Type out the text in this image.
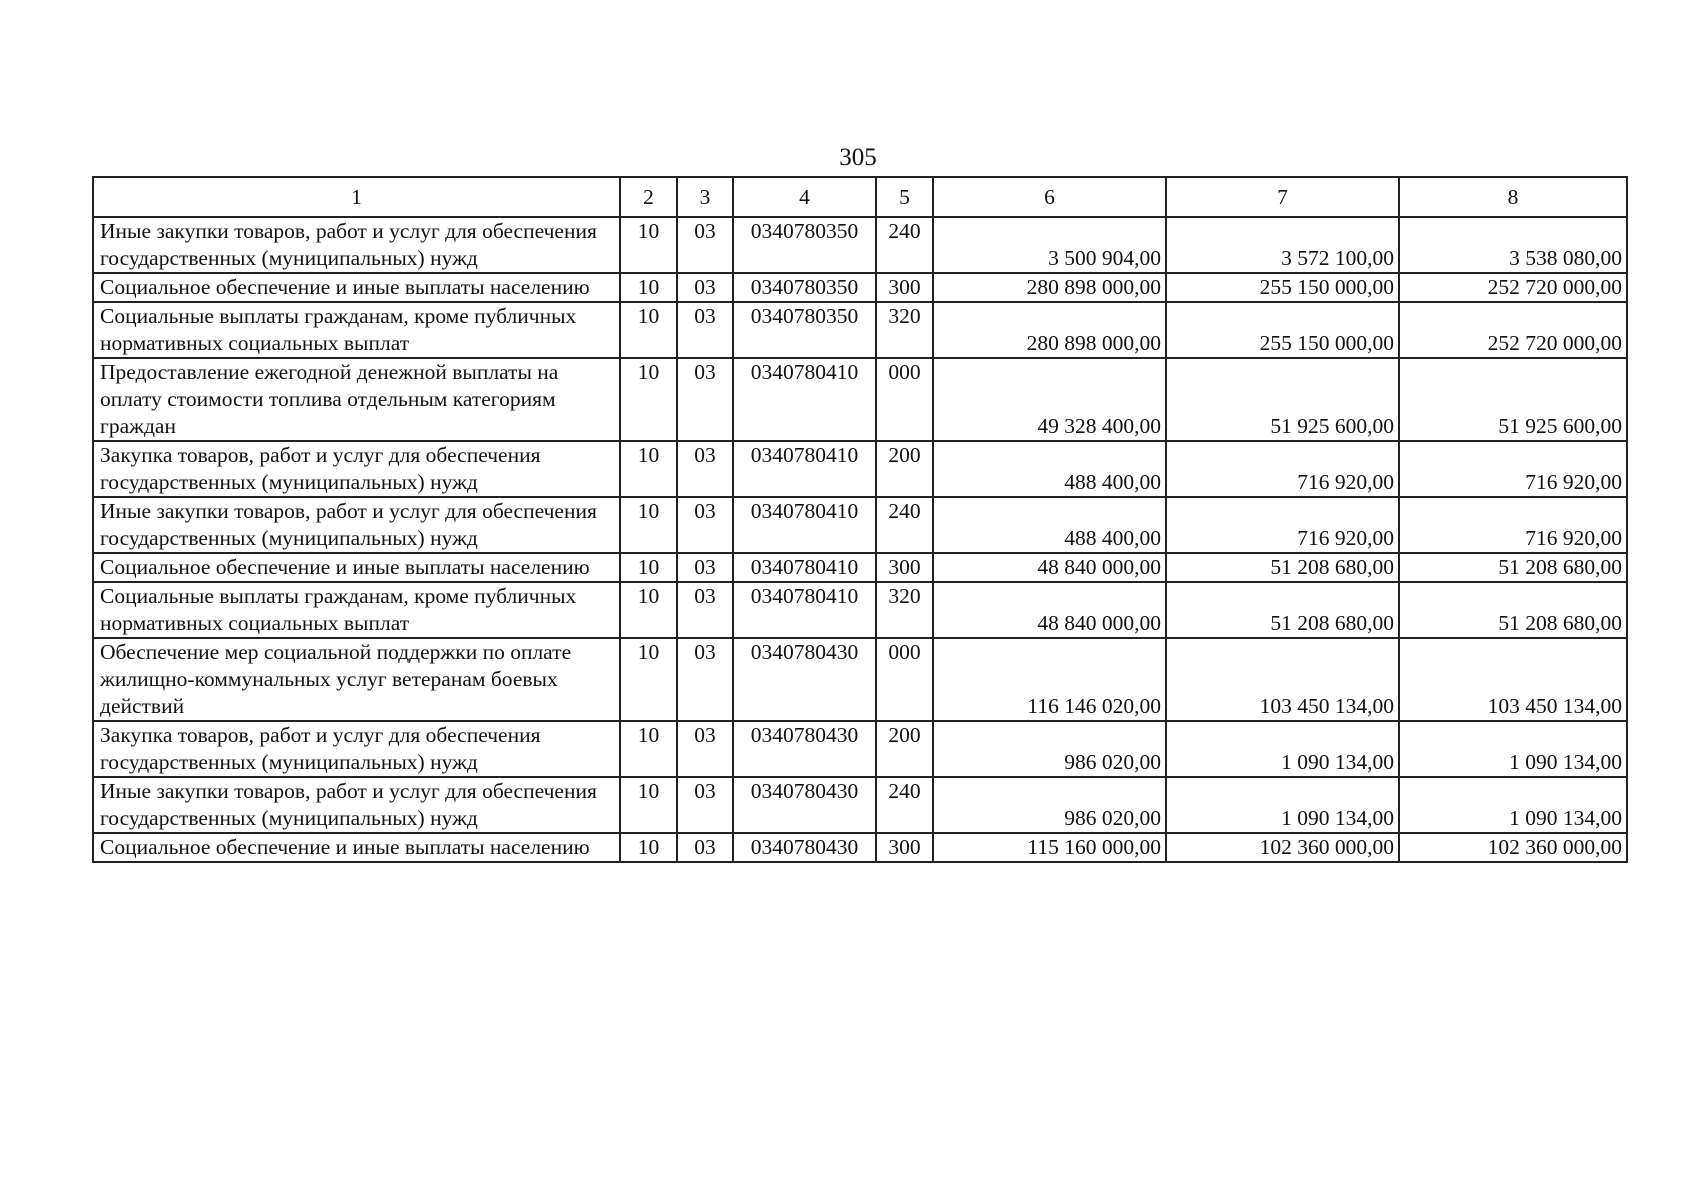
305
1	2	3	4	5	6	7	8
Иные закупки товаров, работ и услуг для обеспечения государственных (муниципальных) нужд	10	03	0340780350	240	3 500 904,00	3 572 100,00	3 538 080,00
Социальное обеспечение и иные выплаты населению	10	03	0340780350	300	280 898 000,00	255 150 000,00	252 720 000,00
Социальные выплаты гражданам, кроме публичных нормативных социальных выплат	10	03	0340780350	320	280 898 000,00	255 150 000,00	252 720 000,00
Предоставление ежегодной денежной выплаты на оплату стоимости топлива отдельным категориям граждан	10	03	0340780410	000	49 328 400,00	51 925 600,00	51 925 600,00
Закупка товаров, работ и услуг для обеспечения государственных (муниципальных) нужд	10	03	0340780410	200	488 400,00	716 920,00	716 920,00
Иные закупки товаров, работ и услуг для обеспечения государственных (муниципальных) нужд	10	03	0340780410	240	488 400,00	716 920,00	716 920,00
Социальное обеспечение и иные выплаты населению	10	03	0340780410	300	48 840 000,00	51 208 680,00	51 208 680,00
Социальные выплаты гражданам, кроме публичных нормативных социальных выплат	10	03	0340780410	320	48 840 000,00	51 208 680,00	51 208 680,00
Обеспечение мер социальной поддержки по оплате жилищно-коммунальных услуг ветеранам боевых действий	10	03	0340780430	000	116 146 020,00	103 450 134,00	103 450 134,00
Закупка товаров, работ и услуг для обеспечения государственных (муниципальных) нужд	10	03	0340780430	200	986 020,00	1 090 134,00	1 090 134,00
Иные закупки товаров, работ и услуг для обеспечения государственных (муниципальных) нужд	10	03	0340780430	240	986 020,00	1 090 134,00	1 090 134,00
Социальное обеспечение и иные выплаты населению	10	03	0340780430	300	115 160 000,00	102 360 000,00	102 360 000,00
